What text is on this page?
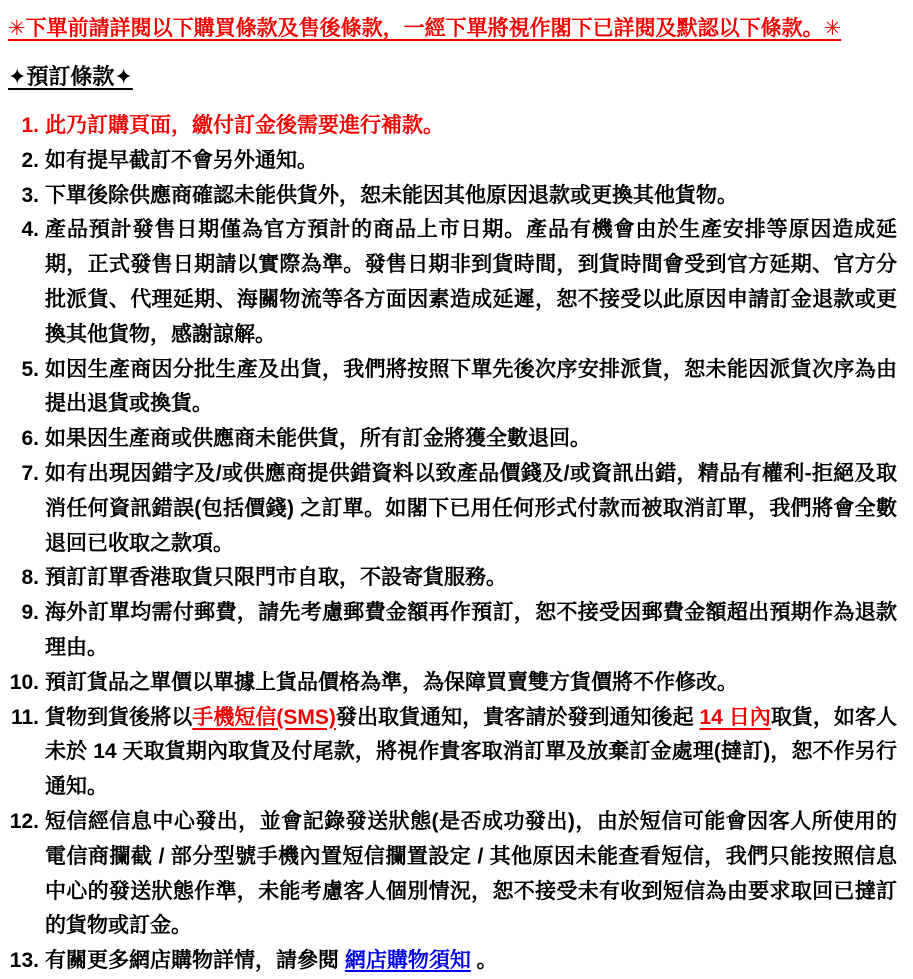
✳下單前請詳閱以下購買條款及售後條款，一經下單將視作閣下已詳閱及默認以下條款。✳

✦預訂條款✦

1. 此乃訂購頁面，繳付訂金後需要進行補款。
2. 如有提早截訂不會另外通知。
3. 下單後除供應商確認未能供貨外，恕未能因其他原因退款或更換其他貨物。
4. 產品預計發售日期僅為官方預計的商品上市日期。產品有機會由於生產安排等原因造成延期，正式發售日期請以實際為準。發售日期非到貨時間，到貨時間會受到官方延期、官方分批派貨、代理延期、海關物流等各方面因素造成延遲，恕不接受以此原因申請訂金退款或更換其他貨物，感謝諒解。
5. 如因生產商因分批生產及出貨，我們將按照下單先後次序安排派貨，恕未能因派貨次序為由提出退貨或換貨。
6. 如果因生產商或供應商未能供貨，所有訂金將獲全數退回。
7. 如有出現因錯字及/或供應商提供錯資料以致產品價錢及/或資訊出錯，精品有權利-拒絕及取消任何資訊錯誤(包括價錢) 之訂單。如閣下已用任何形式付款而被取消訂單，我們將會全數退回已收取之款項。
8. 預訂訂單香港取貨只限門市自取，不設寄貨服務。
9. 海外訂單均需付郵費，請先考慮郵費金額再作預訂，恕不接受因郵費金額超出預期作為退款理由。
10. 預訂貨品之單價以單據上貨品價格為準，為保障買賣雙方貨價將不作修改。
11. 貨物到貨後將以手機短信(SMS)發出取貨通知，貴客請於發到通知後起 14 日內取貨，如客人未於 14 天取貨期內取貨及付尾款，將視作貴客取消訂單及放棄訂金處理(撻訂)，恕不作另行通知。
12. 短信經信息中心發出，並會記錄發送狀態(是否成功發出)，由於短信可能會因客人所使用的電信商攔截 / 部分型號手機內置短信攔置設定 / 其他原因未能查看短信，我們只能按照信息中心的發送狀態作準，未能考慮客人個別情況，恕不接受未有收到短信為由要求取回已撻訂的貨物或訂金。
13. 有關更多網店購物詳情，請參閱 網店購物須知 。
